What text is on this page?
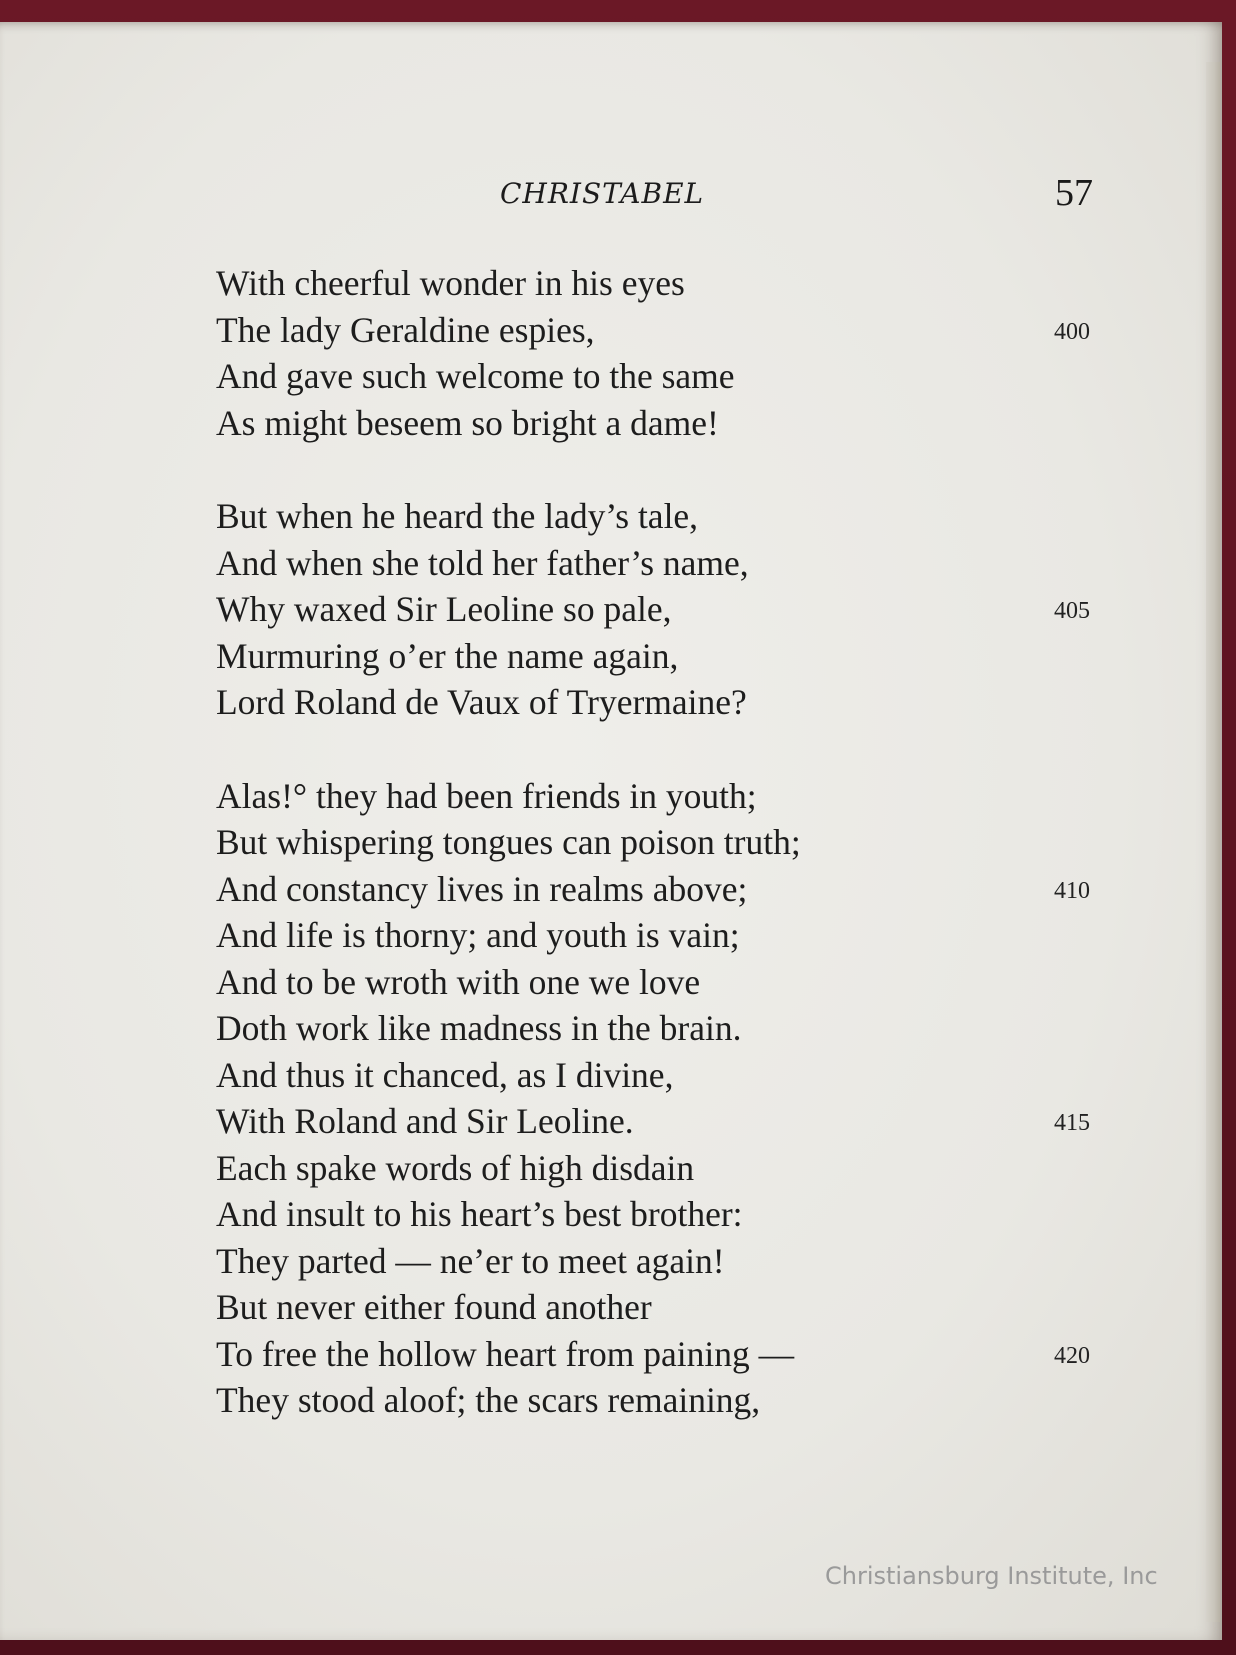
CHRISTABEL	57
With cheerful wonder in his eyes
The lady Geraldine espies,	400
And gave such welcome to the same
As might beseem so bright a dame!
But when he heard the lady’s tale,
And when she told her father’s name,
Why waxed Sir Leoline so pale,	405
Murmuring o’er the name again,
Lord Roland de Vaux of Tryermaine?
Alas!° they had been friends in youth;
But whispering tongues can poison truth;
And constancy lives in realms above;	410
And life is thorny; and youth is vain;
And to be wroth with one we love
Doth work like madness in the brain.
And thus it chanced, as I divine,
With Roland and Sir Leoline.	415
Each spake words of high disdain
And insult to his heart’s best brother:
They parted — ne’er to meet again!
But never either found another
To free the hollow heart from paining —	420
They stood aloof; the scars remaining,
Christiansburg Institute, Inc
